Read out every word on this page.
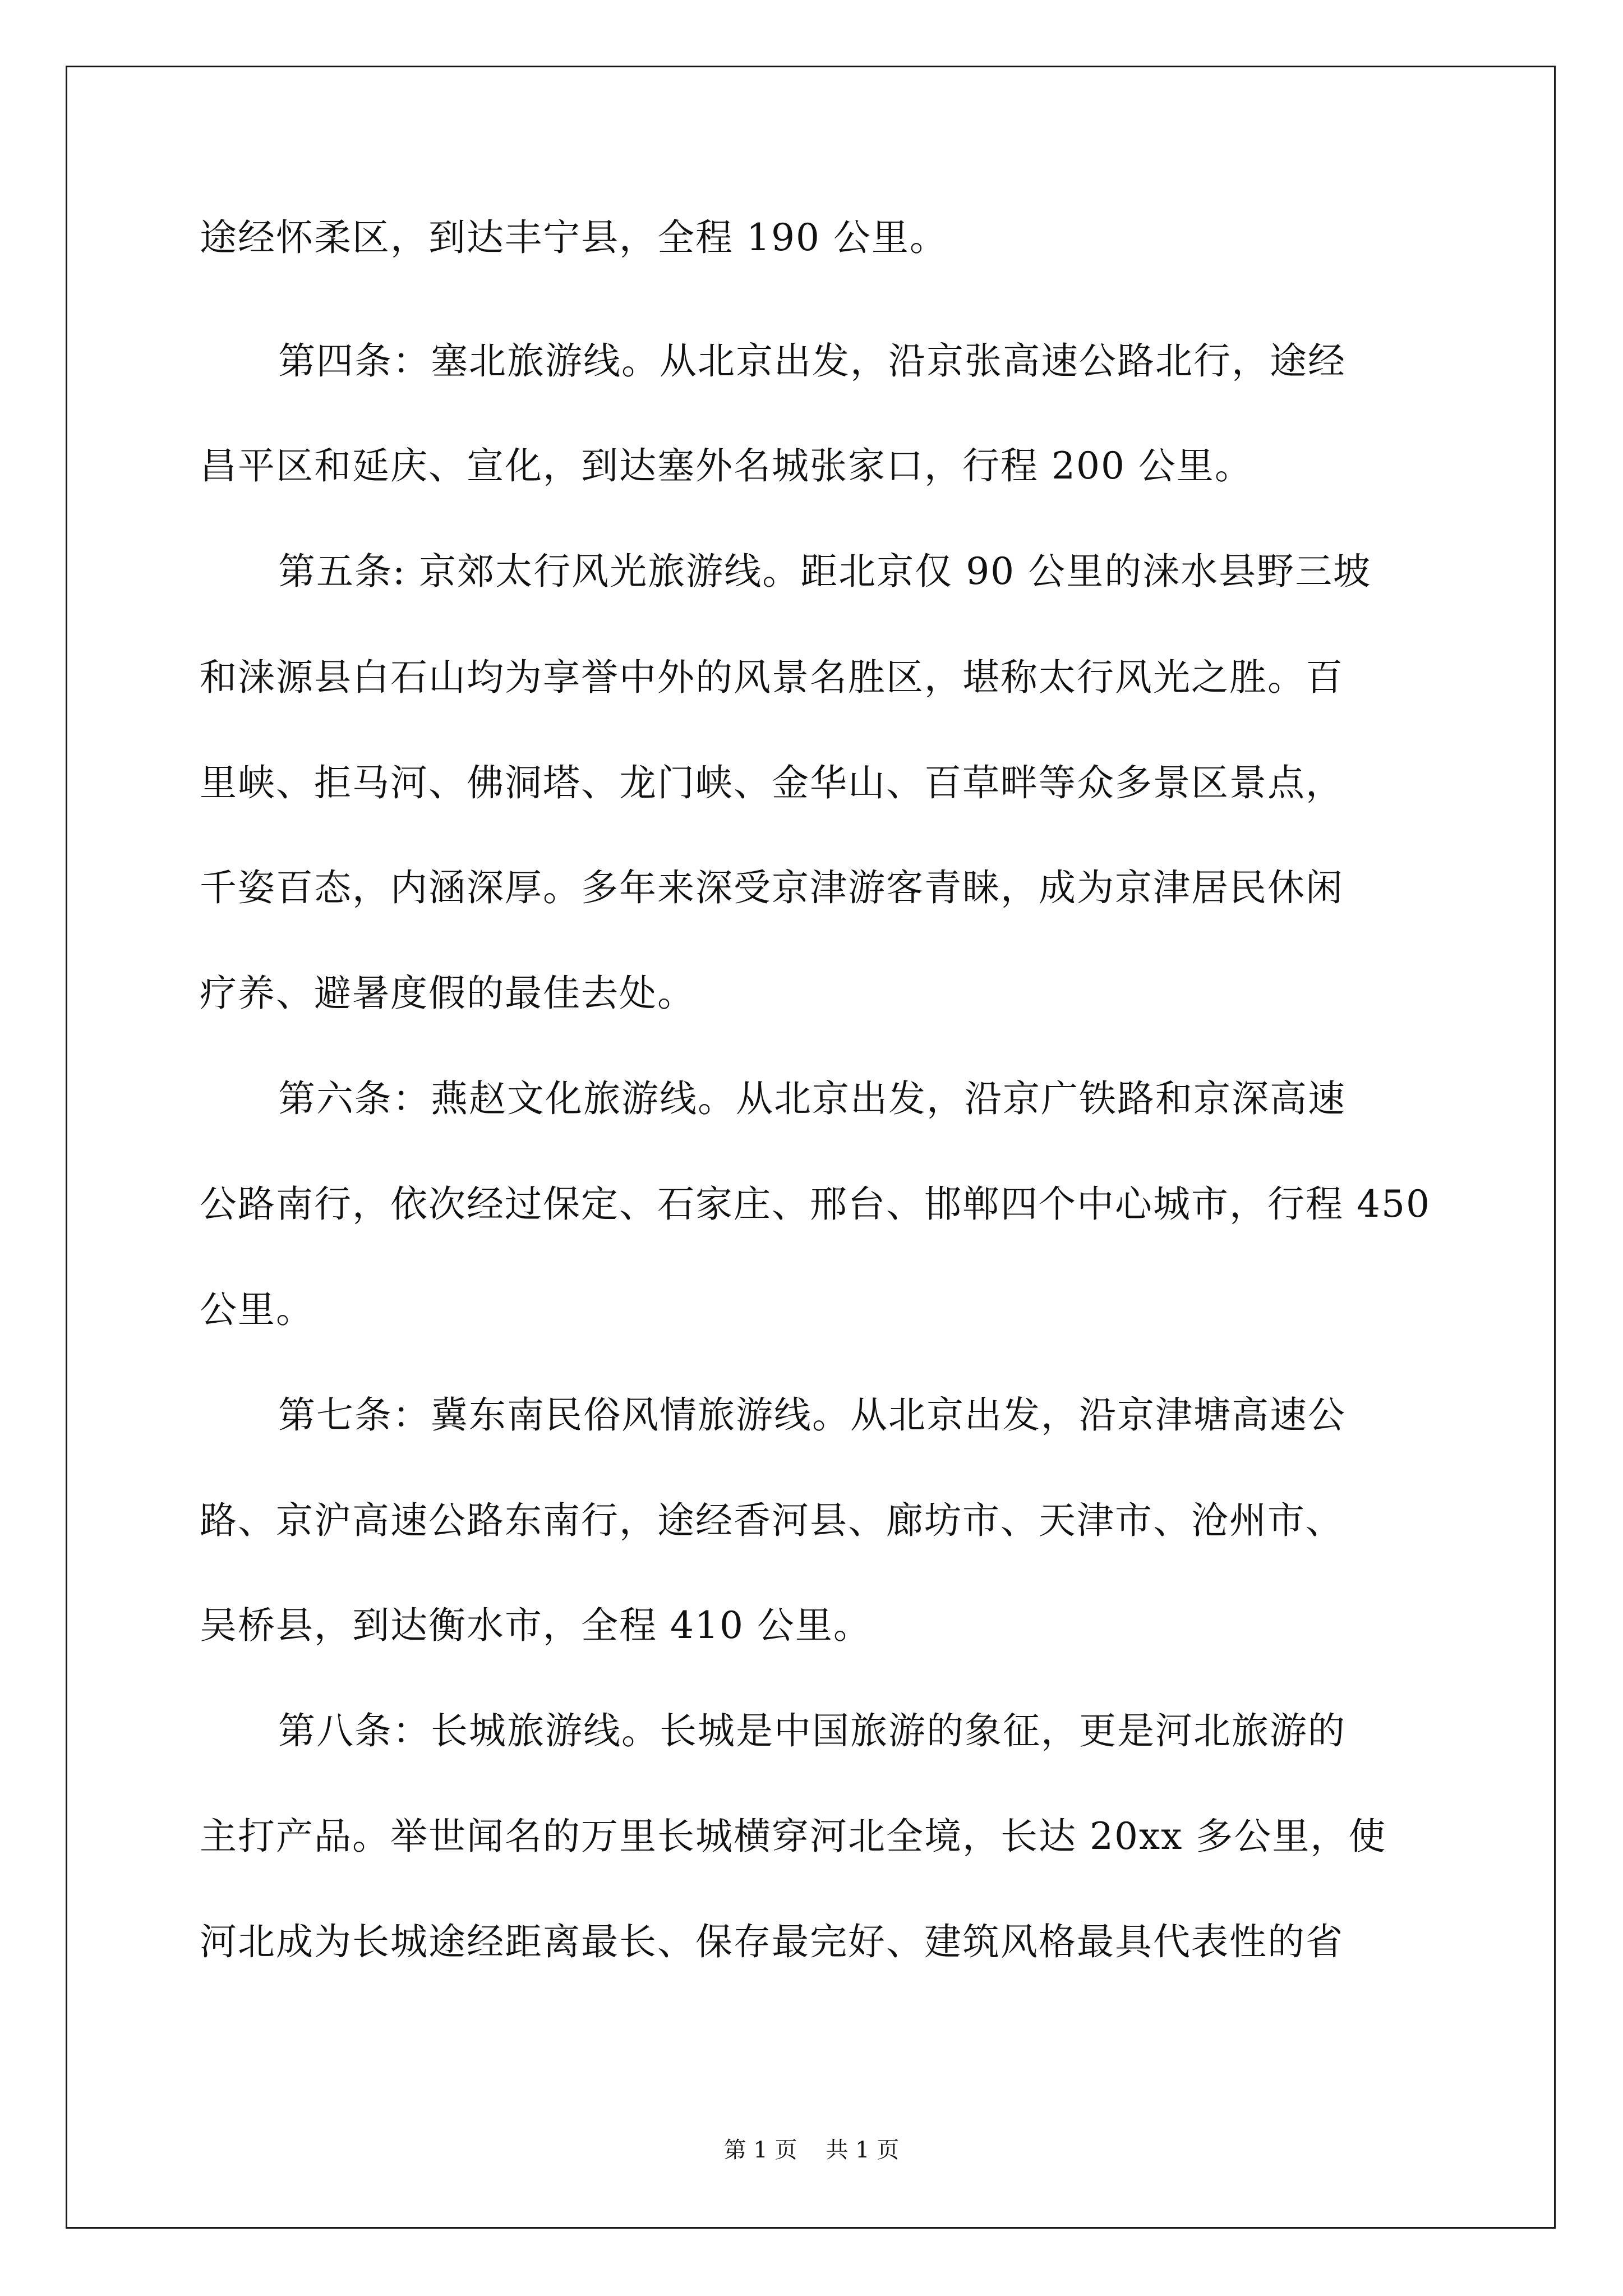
途经怀柔区，到达丰宁县，全程 190 公里。
第四条：塞北旅游线。从北京出发，沿京张高速公路北行，途经
昌平区和延庆、宣化，到达塞外名城张家口，行程 200 公里。
第五条: 京郊太行风光旅游线。距北京仅 90 公里的涞水县野三坡
和涞源县白石山均为享誉中外的风景名胜区，堪称太行风光之胜。百
里峡、拒马河、佛洞塔、龙门峡、金华山、百草畔等众多景区景点，
千姿百态，内涵深厚。多年来深受京津游客青睐，成为京津居民休闲
疗养、避暑度假的最佳去处。
第六条：燕赵文化旅游线。从北京出发，沿京广铁路和京深高速
公路南行，依次经过保定、石家庄、邢台、邯郸四个中心城市，行程 450
公里。
第七条：冀东南民俗风情旅游线。从北京出发，沿京津塘高速公
路、京沪高速公路东南行，途经香河县、廊坊市、天津市、沧州市、
吴桥县，到达衡水市，全程 410 公里。
第八条：长城旅游线。长城是中国旅游的象征，更是河北旅游的
主打产品。举世闻名的万里长城横穿河北全境，长达 20xx 多公里，使
河北成为长城途经距离最长、保存最完好、建筑风格最具代表性的省
第 1 页    共 1 页
